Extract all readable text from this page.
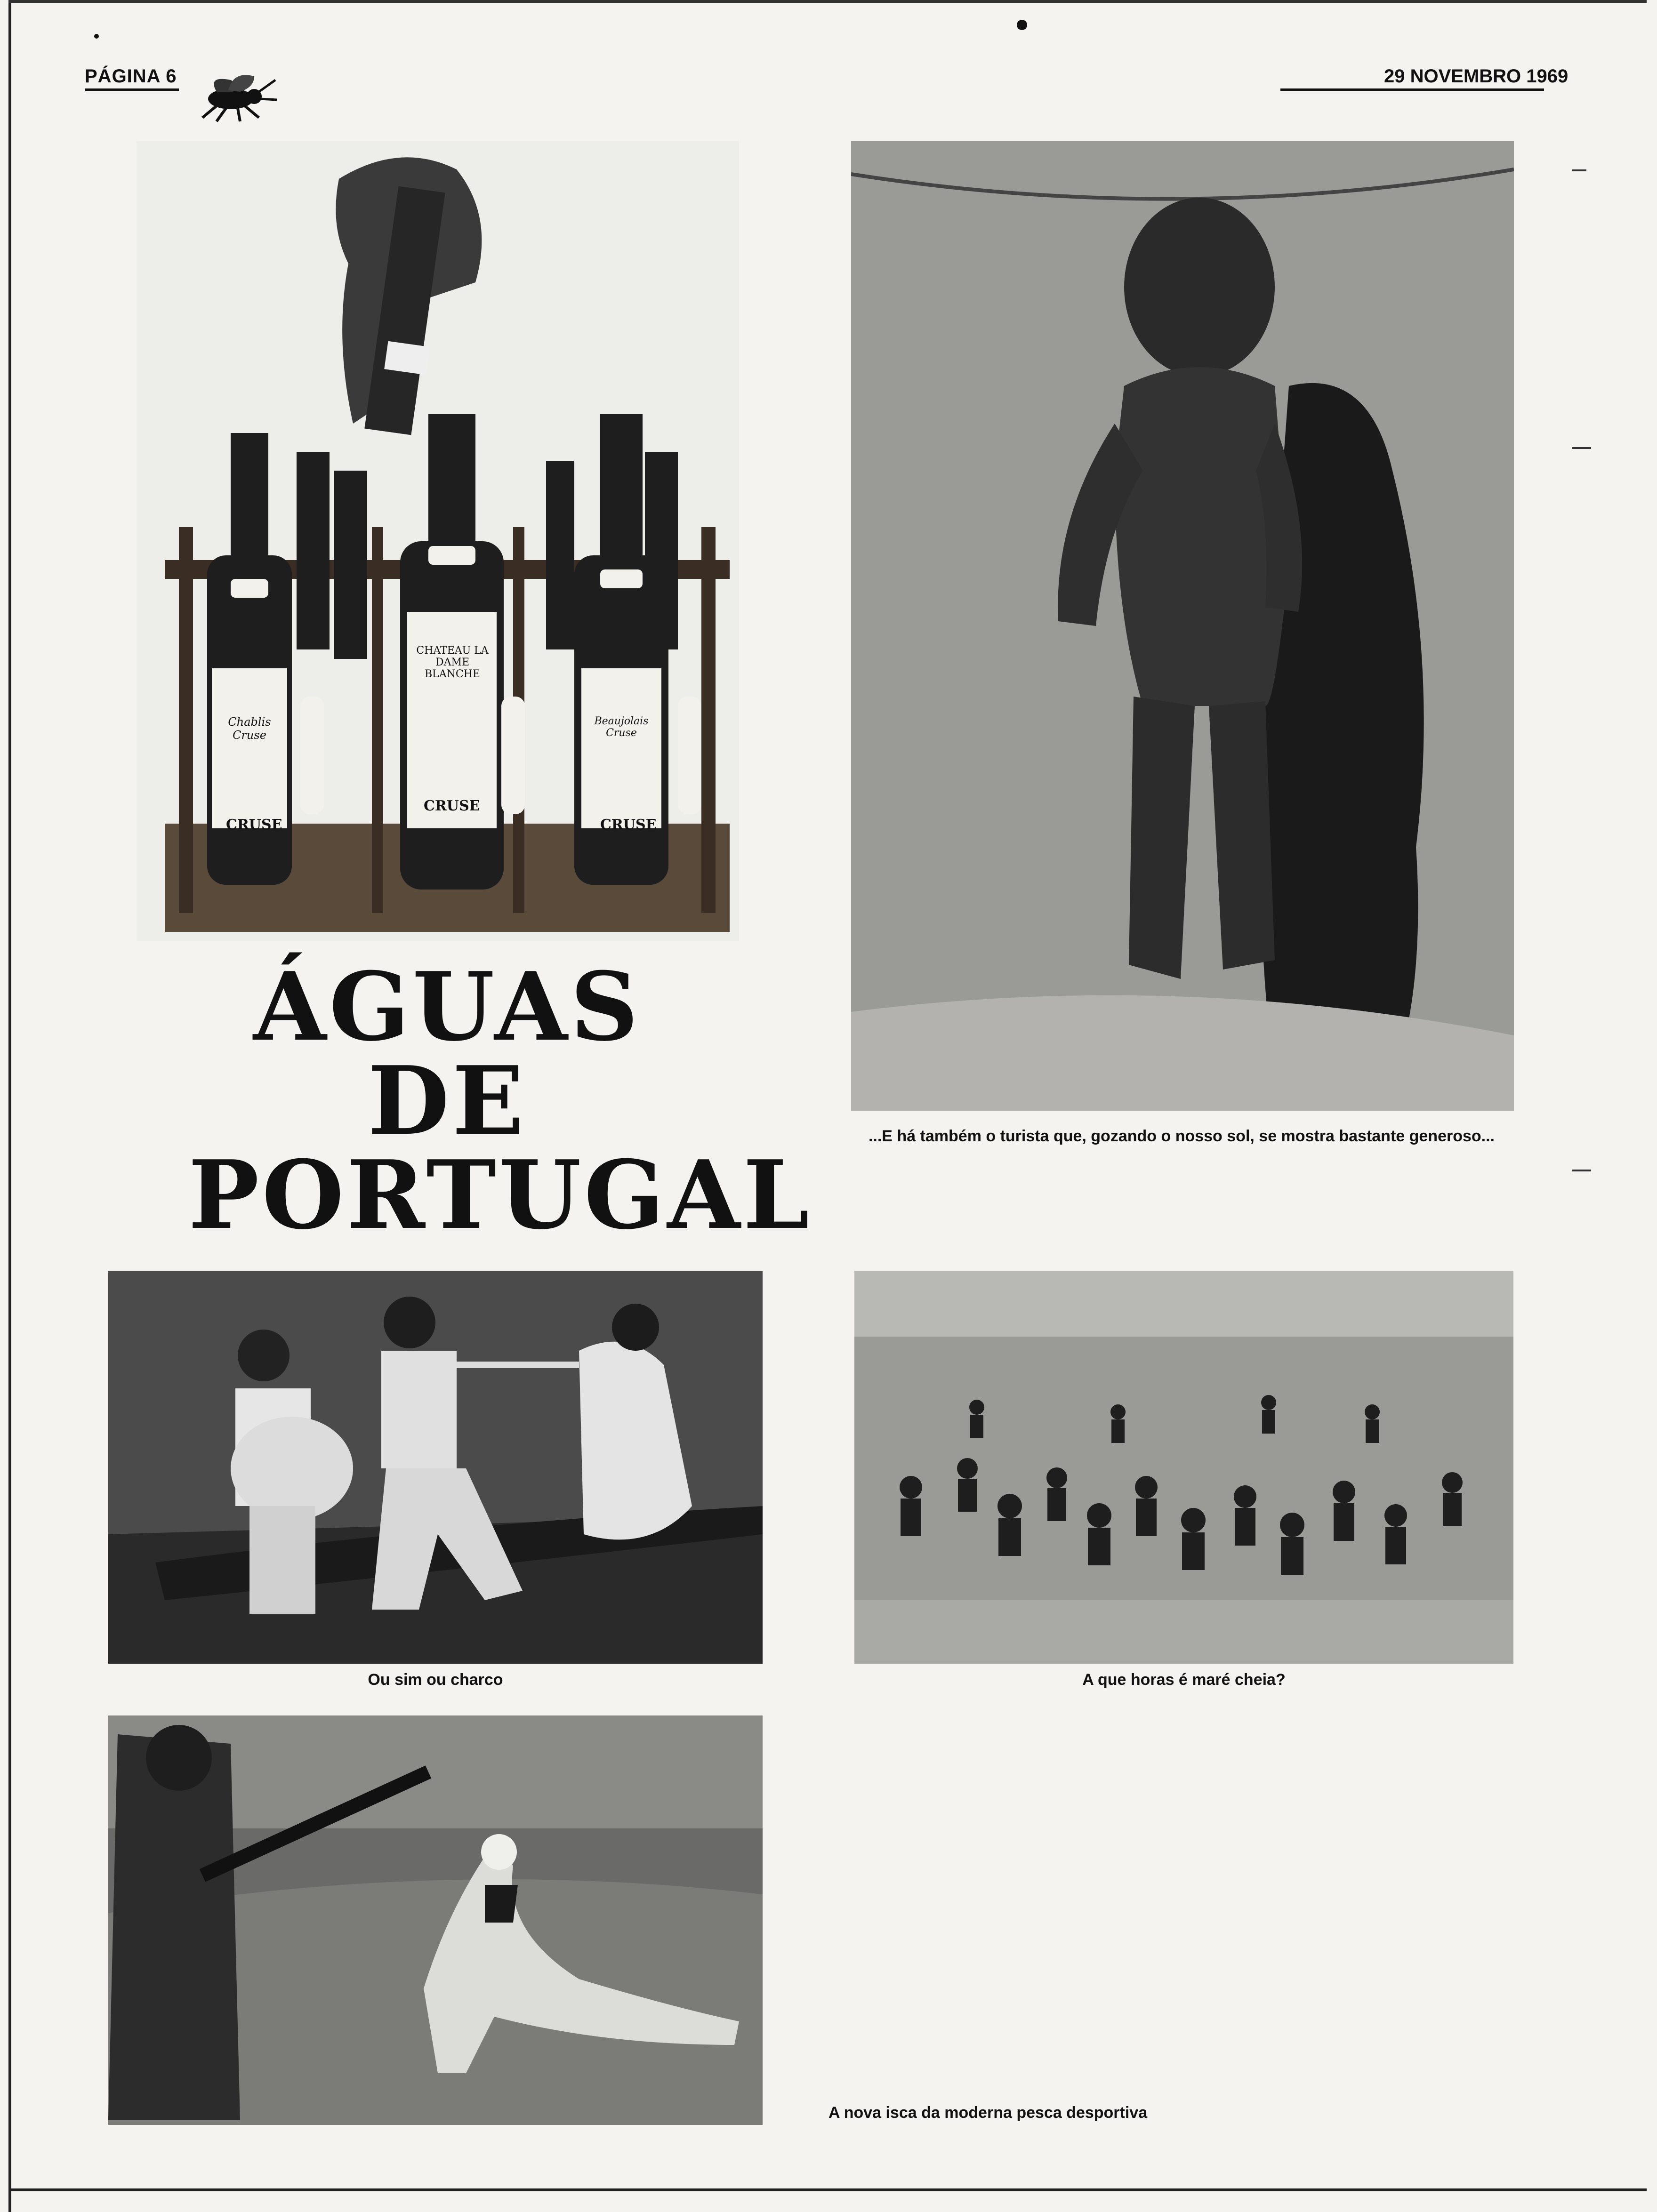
PÁGINA 6	29 NOVEMBRO 1969
CRUSE
CRUSE
CRUSE
CHATEAU LA DAME BLANCHE
Chablis Cruse
Beaujolais Cruse
ÁGUAS
DE
PORTUGAL
...E há também o turista que, gozando o nosso sol, se mostra bastante generoso...
Ou sim ou charco	A que horas é maré cheia?
A nova isca da moderna pesca desportiva
